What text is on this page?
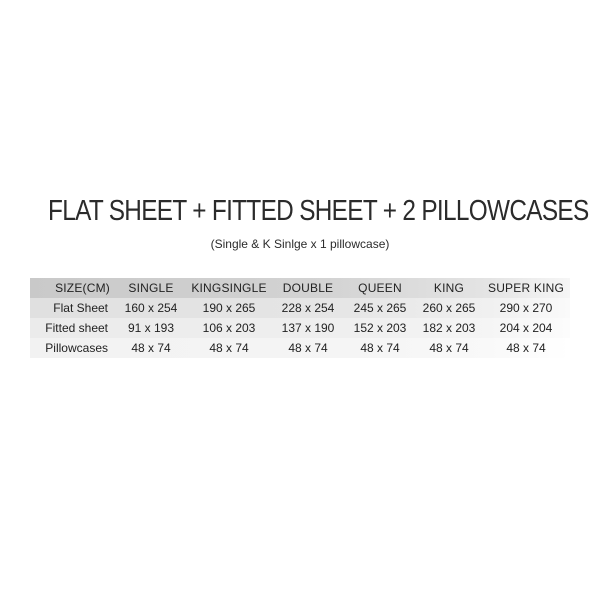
FLAT SHEET + FITTED SHEET + 2 PILLOWCASES

(Single & K Sinlge x 1 pillowcase)

SIZE(CM)	SINGLE	KINGSINGLE	DOUBLE	QUEEN	KING	SUPER KING
Flat Sheet	160 x 254	190 x 265	228 x 254	245 x 265	260 x 265	290 x 270
Fitted sheet	91 x 193	106 x 203	137 x 190	152 x 203	182 x 203	204 x 204
Pillowcases	48 x 74	48 x 74	48 x 74	48 x 74	48 x 74	48 x 74
